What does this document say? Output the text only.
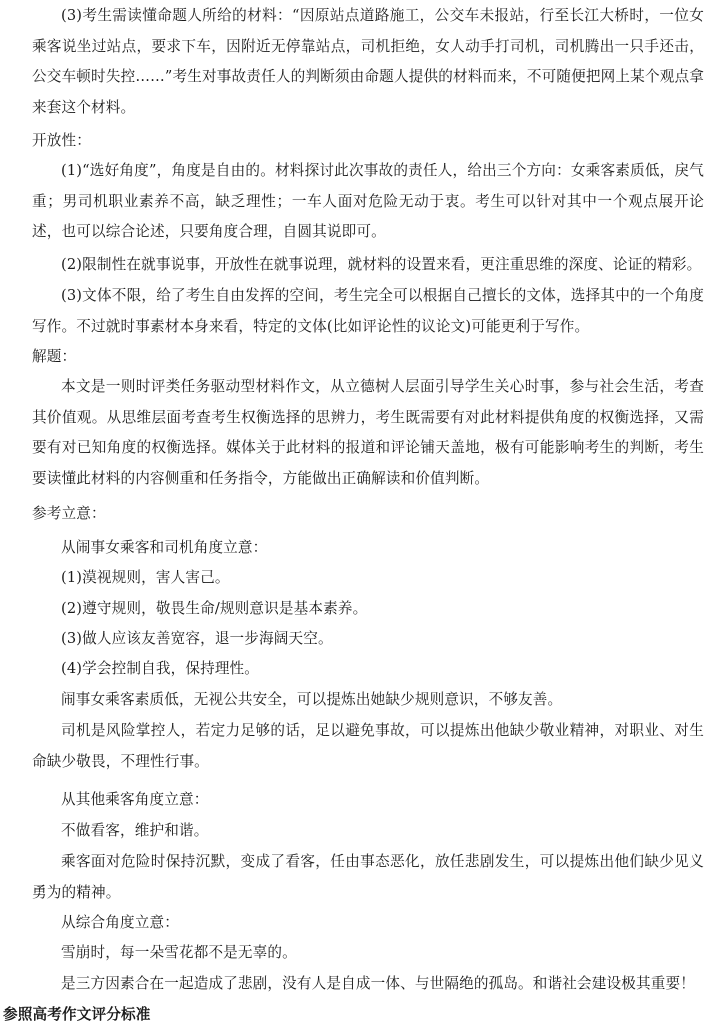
(3)考生需读懂命题人所给的材料：“因原站点道路施工，公交车未报站，行至长江大桥时，一位女乘客说坐过站点，要求下车，因附近无停靠站点，司机拒绝，女人动手打司机，司机腾出一只手还击，公交车顿时失控……”考生对事故责任人的判断须由命题人提供的材料而来，不可随便把网上某个观点拿来套这个材料。

开放性：

(1)“选好角度”，角度是自由的。材料探讨此次事故的责任人，给出三个方向：女乘客素质低，戾气重；男司机职业素养不高，缺乏理性；一车人面对危险无动于衷。考生可以针对其中一个观点展开论述，也可以综合论述，只要角度合理，自圆其说即可。

(2)限制性在就事说事，开放性在就事说理，就材料的设置来看，更注重思维的深度、论证的精彩。

(3)文体不限，给了考生自由发挥的空间，考生完全可以根据自己擅长的文体，选择其中的一个角度写作。不过就时事素材本身来看，特定的文体(比如评论性的议论文)可能更利于写作。

解题：

本文是一则时评类任务驱动型材料作文，从立德树人层面引导学生关心时事，参与社会生活，考查其价值观。从思维层面考查考生权衡选择的思辨力，考生既需要有对此材料提供角度的权衡选择，又需要有对已知角度的权衡选择。媒体关于此材料的报道和评论铺天盖地，极有可能影响考生的判断，考生要读懂此材料的内容侧重和任务指令，方能做出正确解读和价值判断。

参考立意：

从闹事女乘客和司机角度立意：

(1)漠视规则，害人害己。

(2)遵守规则，敬畏生命/规则意识是基本素养。

(3)做人应该友善宽容，退一步海阔天空。

(4)学会控制自我，保持理性。

闹事女乘客素质低，无视公共安全，可以提炼出她缺少规则意识，不够友善。

司机是风险掌控人，若定力足够的话，足以避免事故，可以提炼出他缺少敬业精神，对职业、对生命缺少敬畏，不理性行事。

从其他乘客角度立意：

不做看客，维护和谐。

乘客面对危险时保持沉默，变成了看客，任由事态恶化，放任悲剧发生，可以提炼出他们缺少见义勇为的精神。

从综合角度立意：

雪崩时，每一朵雪花都不是无辜的。

是三方因素合在一起造成了悲剧，没有人是自成一体、与世隔绝的孤岛。和谐社会建设极其重要！

参照高考作文评分标准
